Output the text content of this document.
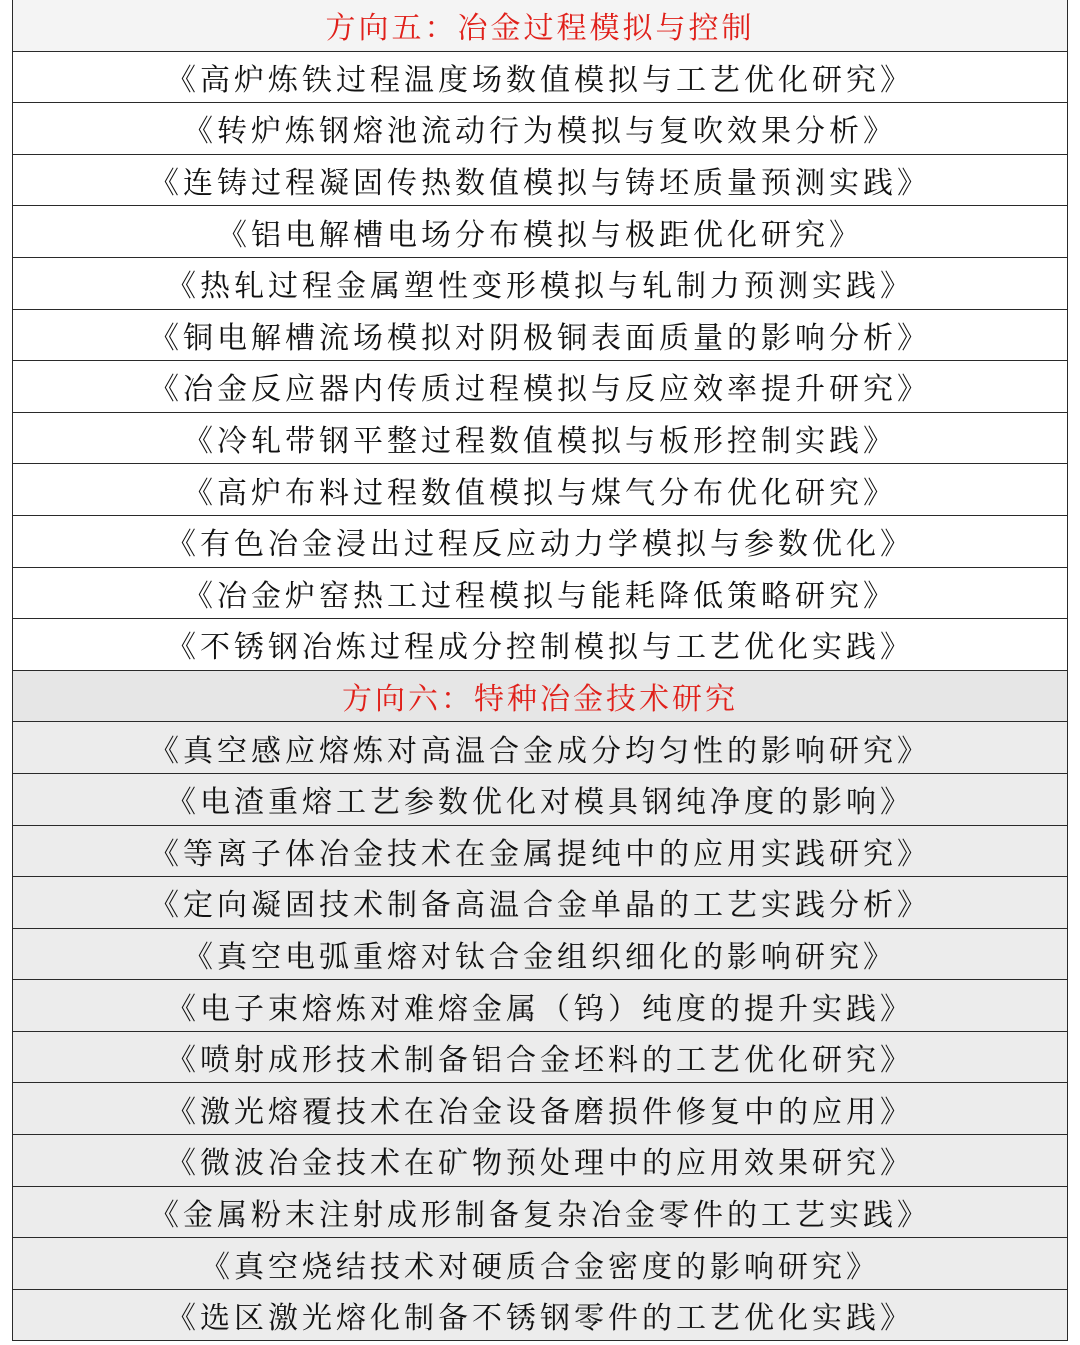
方向五：冶金过程模拟与控制
《高炉炼铁过程温度场数值模拟与工艺优化研究》
《转炉炼钢熔池流动行为模拟与复吹效果分析》
《连铸过程凝固传热数值模拟与铸坯质量预测实践》
《铝电解槽电场分布模拟与极距优化研究》
《热轧过程金属塑性变形模拟与轧制力预测实践》
《铜电解槽流场模拟对阴极铜表面质量的影响分析》
《冶金反应器内传质过程模拟与反应效率提升研究》
《冷轧带钢平整过程数值模拟与板形控制实践》
《高炉布料过程数值模拟与煤气分布优化研究》
《有色冶金浸出过程反应动力学模拟与参数优化》
《冶金炉窑热工过程模拟与能耗降低策略研究》
《不锈钢冶炼过程成分控制模拟与工艺优化实践》
方向六：特种冶金技术研究
《真空感应熔炼对高温合金成分均匀性的影响研究》
《电渣重熔工艺参数优化对模具钢纯净度的影响》
《等离子体冶金技术在金属提纯中的应用实践研究》
《定向凝固技术制备高温合金单晶的工艺实践分析》
《真空电弧重熔对钛合金组织细化的影响研究》
《电子束熔炼对难熔金属（钨）纯度的提升实践》
《喷射成形技术制备铝合金坯料的工艺优化研究》
《激光熔覆技术在冶金设备磨损件修复中的应用》
《微波冶金技术在矿物预处理中的应用效果研究》
《金属粉末注射成形制备复杂冶金零件的工艺实践》
《真空烧结技术对硬质合金密度的影响研究》
《选区激光熔化制备不锈钢零件的工艺优化实践》
